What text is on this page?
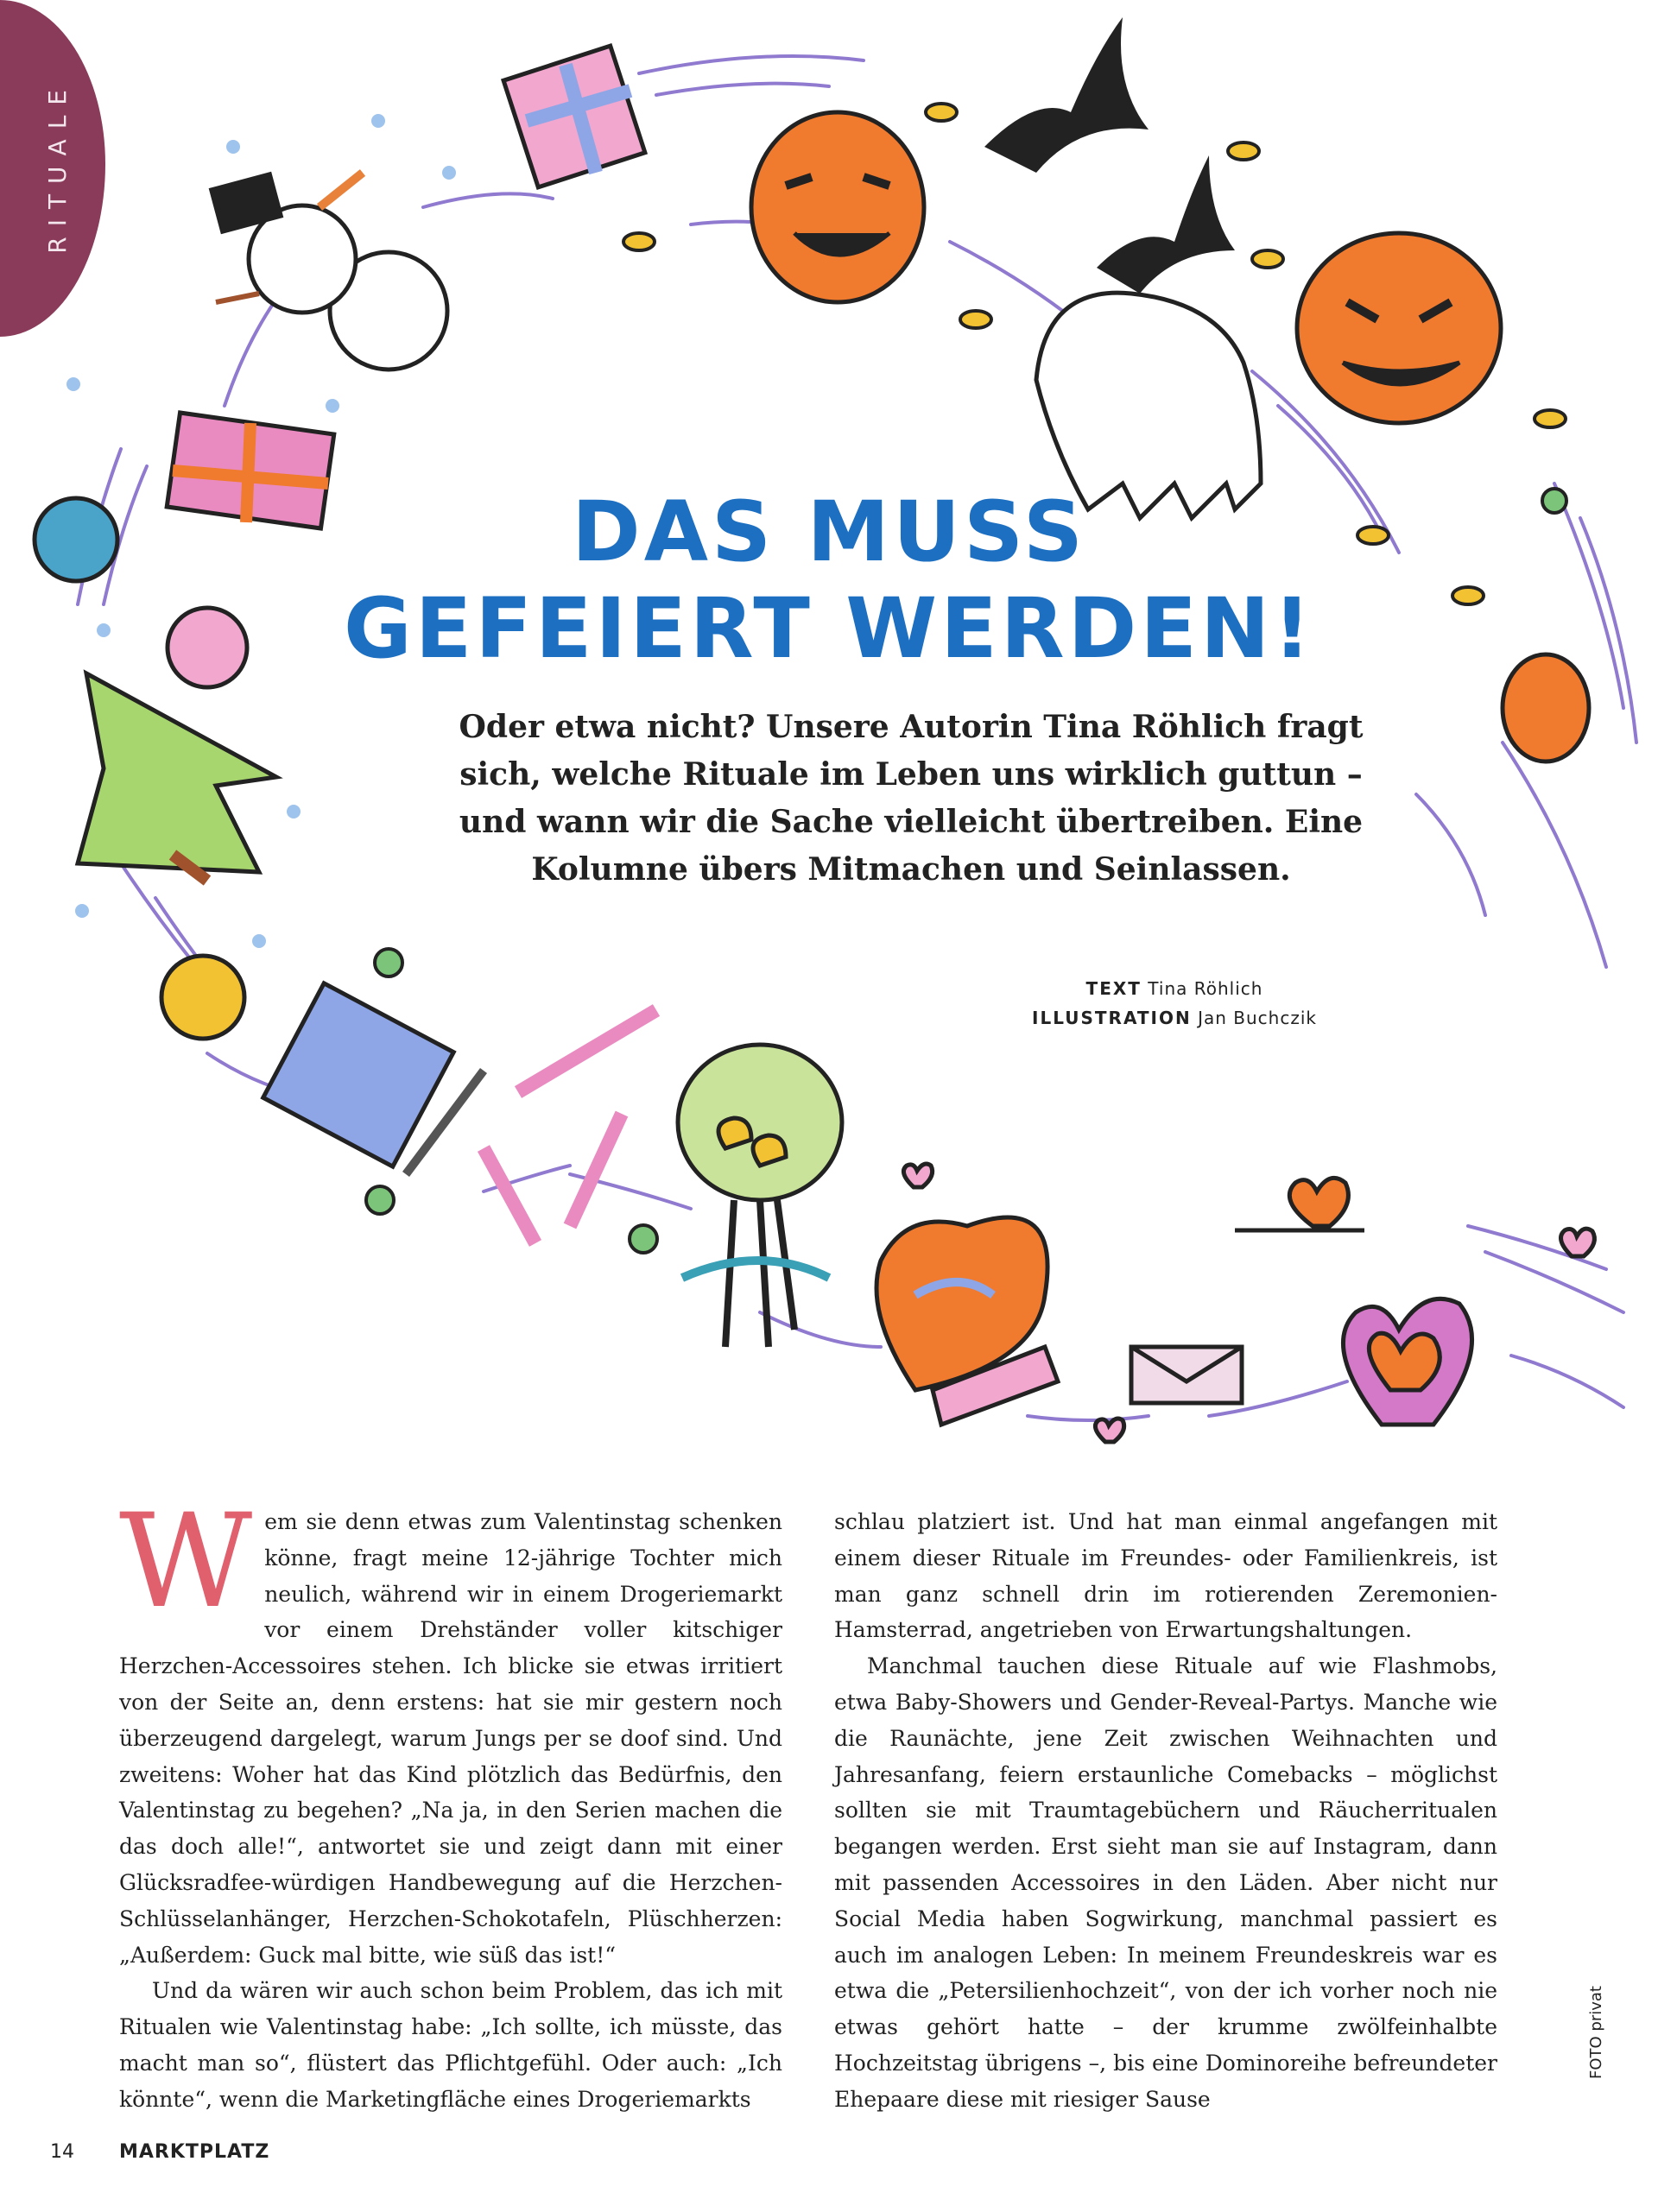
RITUALE
DAS MUSS
GEFEIERT WERDEN!
Oder etwa nicht? Unsere Autorin Tina Röhlich fragt sich, welche Rituale im Leben uns wirklich guttun – und wann wir die Sache vielleicht übertreiben. Eine Kolumne übers Mitmachen und Seinlassen.
TEXT Tina Röhlich
ILLUSTRATION Jan Buchczik

Wem sie denn etwas zum Valentinstag schenken könne, fragt meine 12-jährige Tochter mich neulich, während wir in einem Drogeriemarkt vor einem Drehständer voller kitschiger Herzchen-Accessoires stehen. Ich blicke sie etwas irritiert von der Seite an, denn erstens: hat sie mir gestern noch überzeugend dargelegt, warum Jungs per se doof sind. Und zweitens: Woher hat das Kind plötzlich das Bedürfnis, den Valentinstag zu begehen? „Na ja, in den Serien machen die das doch alle!“, antwortet sie und zeigt dann mit einer Glücksradfee-würdigen Handbewegung auf die Herzchen-Schlüsselanhänger, Herzchen-Schokotafeln, Plüschherzen: „Außerdem: Guck mal bitte, wie süß das ist!“

Und da wären wir auch schon beim Problem, das ich mit Ritualen wie Valentinstag habe: „Ich sollte, ich müsste, das macht man so“, flüstert das Pflichtgefühl. Oder auch: „Ich könnte“, wenn die Marketingfläche eines Drogeriemarkts

schlau platziert ist. Und hat man einmal angefangen mit einem dieser Rituale im Freundes- oder Familienkreis, ist man ganz schnell drin im rotierenden Zeremonien-Hamsterrad, angetrieben von Erwartungshaltungen.

Manchmal tauchen diese Rituale auf wie Flashmobs, etwa Baby-Showers und Gender-Reveal-Partys. Manche wie die Raunächte, jene Zeit zwischen Weihnachten und Jahresanfang, feiern erstaunliche Comebacks – möglichst sollten sie mit Traumtagebüchern und Räucherritualen begangen werden. Erst sieht man sie auf Instagram, dann mit passenden Accessoires in den Läden. Aber nicht nur Social Media haben Sogwirkung, manchmal passiert es auch im analogen Leben: In meinem Freundeskreis war es etwa die „Petersilienhochzeit“, von der ich vorher noch nie etwas gehört hatte – der krumme zwölfeinhalbte Hochzeitstag übrigens –, bis eine Dominoreihe befreundeter Ehepaare diese mit riesiger Sause

FOTO privat
14 MARKTPLATZ
